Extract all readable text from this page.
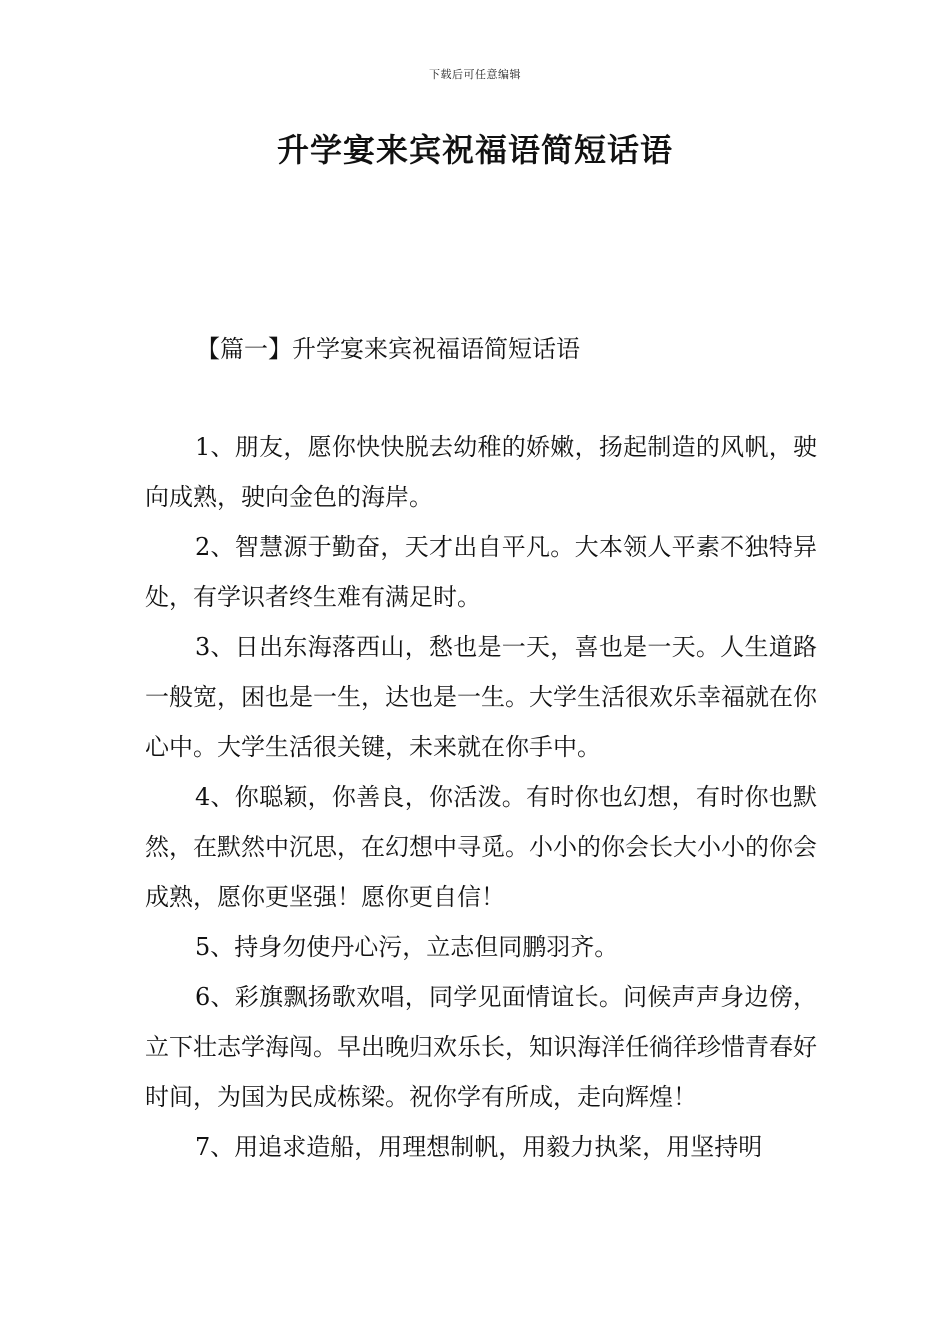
下载后可任意编辑
升学宴来宾祝福语简短话语
【篇一】升学宴来宾祝福语简短话语

1、朋友，愿你快快脱去幼稚的娇嫩，扬起制造的风帆，驶向成熟，驶向金色的海岸。

2、智慧源于勤奋，天才出自平凡。大本领人平素不独特异处，有学识者终生难有满足时。

3、日出东海落西山，愁也是一天，喜也是一天。人生道路一般宽，困也是一生，达也是一生。大学生活很欢乐幸福就在你心中。大学生活很关键，未来就在你手中。

4、你聪颖，你善良，你活泼。有时你也幻想，有时你也默然，在默然中沉思，在幻想中寻觅。小小的你会长大小小的你会成熟，愿你更坚强！愿你更自信！

5、持身勿使丹心污，立志但同鹏羽齐。

6、彩旗飘扬歌欢唱，同学见面情谊长。问候声声身边傍，立下壮志学海闯。早出晚归欢乐长，知识海洋任徜徉珍惜青春好时间，为国为民成栋梁。祝你学有所成，走向辉煌！

7、用追求造船，用理想制帆，用毅力执桨，用坚持明
